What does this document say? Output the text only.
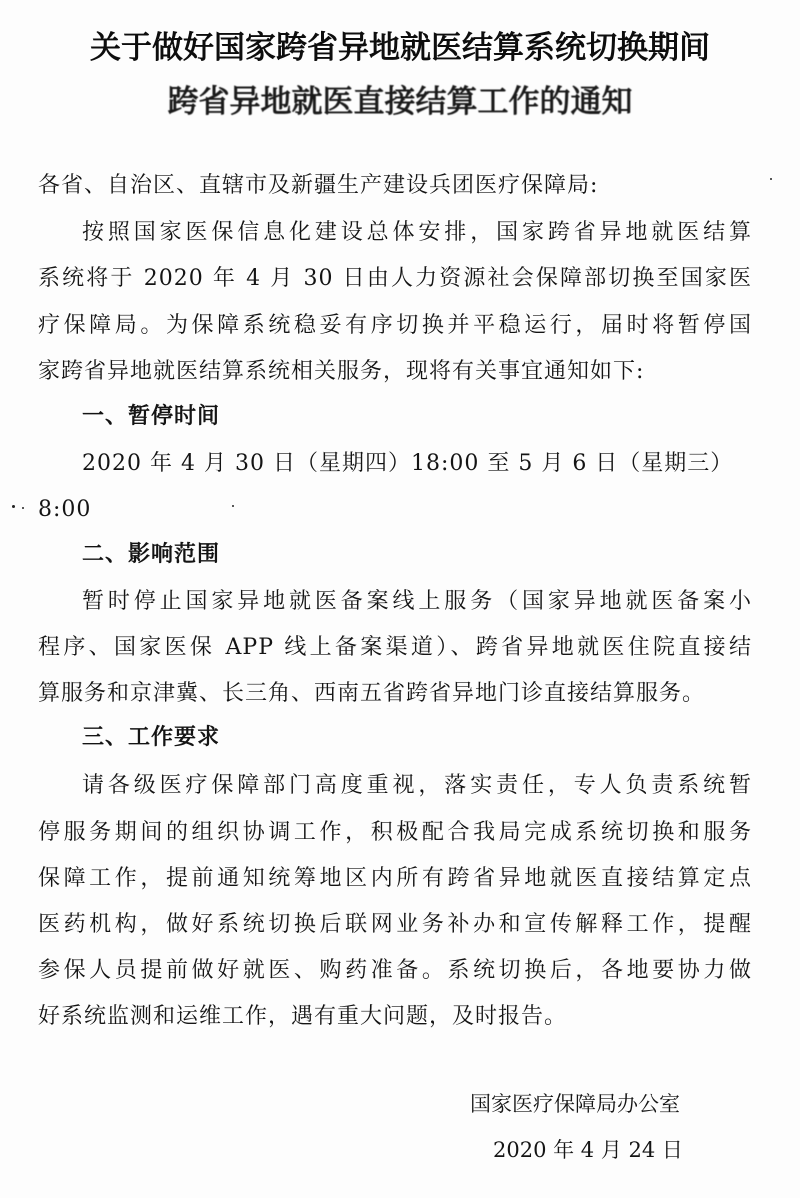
关于做好国家跨省异地就医结算系统切换期间
跨省异地就医直接结算工作的通知
各省、自治区、直辖市及新疆生产建设兵团医疗保障局:
按照国家医保信息化建设总体安排，国家跨省异地就医结算
系统将于 2020 年 4 月 30 日由人力资源社会保障部切换至国家医
疗保障局。为保障系统稳妥有序切换并平稳运行，届时将暂停国
家跨省异地就医结算系统相关服务，现将有关事宜通知如下:
一、暂停时间
2020 年 4 月 30 日（星期四）18:00 至 5 月 6 日（星期三）
8:00
二、影响范围
暂时停止国家异地就医备案线上服务（国家异地就医备案小
程序、国家医保 APP 线上备案渠道）、跨省异地就医住院直接结
算服务和京津冀、长三角、西南五省跨省异地门诊直接结算服务。
三、工作要求
请各级医疗保障部门高度重视，落实责任，专人负责系统暂
停服务期间的组织协调工作，积极配合我局完成系统切换和服务
保障工作，提前通知统筹地区内所有跨省异地就医直接结算定点
医药机构，做好系统切换后联网业务补办和宣传解释工作，提醒
参保人员提前做好就医、购药准备。系统切换后，各地要协力做
好系统监测和运维工作，遇有重大问题，及时报告。
国家医疗保障局办公室
2020 年 4 月 24 日
